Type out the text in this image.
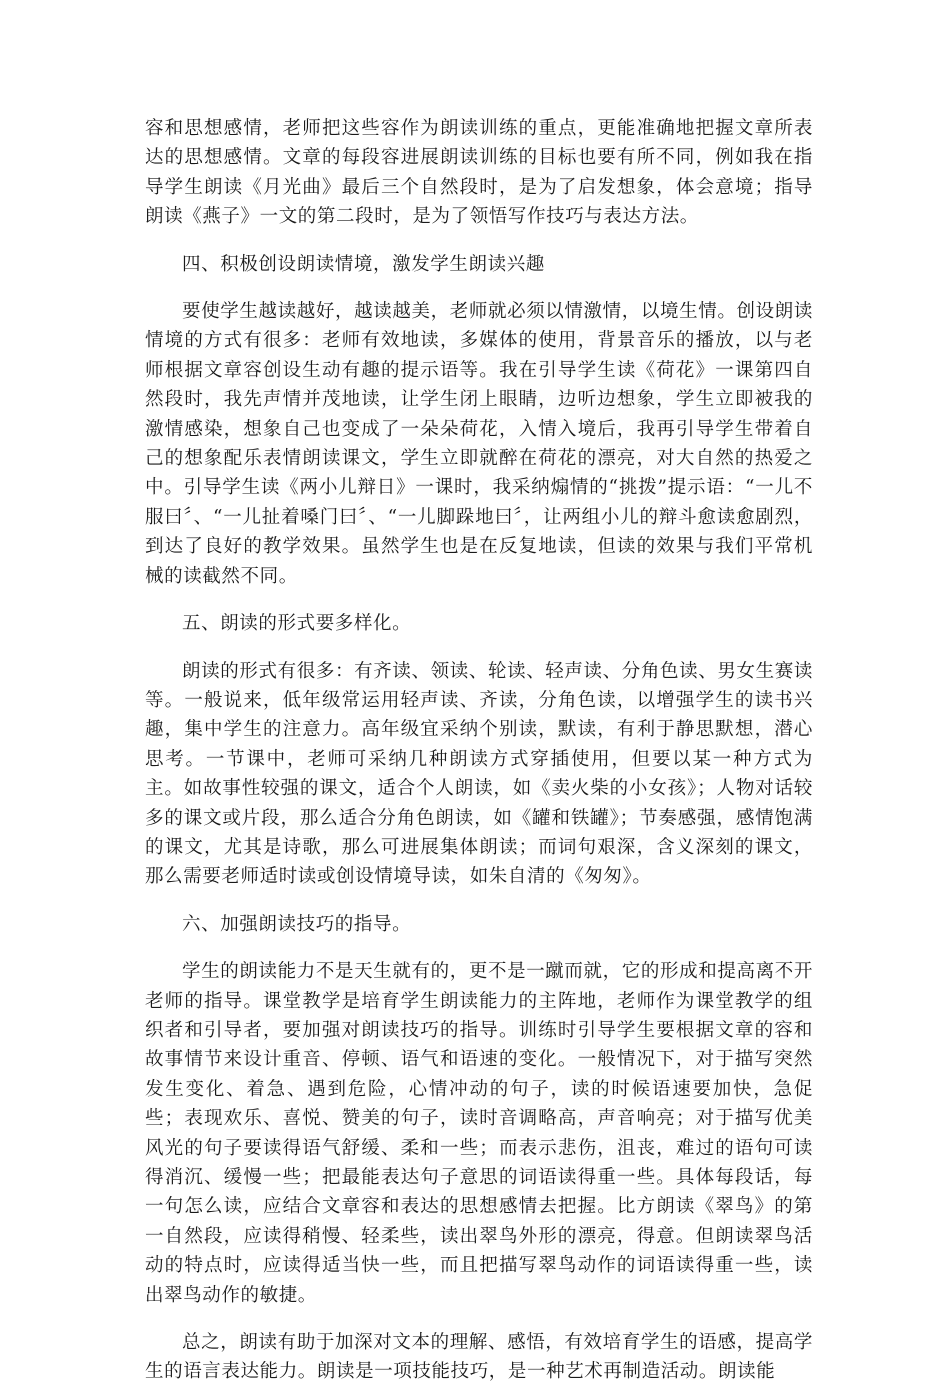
容和思想感情，老师把这些容作为朗读训练的重点，更能准确地把握文章所表达的思想感情。文章的每段容进展朗读训练的目标也要有所不同，例如我在指导学生朗读《月光曲》最后三个自然段时，是为了启发想象，体会意境；指导朗读《燕子》一文的第二段时，是为了领悟写作技巧与表达方法。

四、积极创设朗读情境，激发学生朗读兴趣

要使学生越读越好，越读越美，老师就必须以情激情，以境生情。创设朗读情境的方式有很多：老师有效地读，多媒体的使用，背景音乐的播放，以与老师根据文章容创设生动有趣的提示语等。我在引导学生读《荷花》一课第四自然段时，我先声情并茂地读，让学生闭上眼睛，边听边想象，学生立即被我的激情感染，想象自己也变成了一朵朵荷花，入情入境后，我再引导学生带着自己的想象配乐表情朗读课文，学生立即就醉在荷花的漂亮，对大自然的热爱之中。引导学生读《两小儿辩日》一课时，我采纳煽情的“挑拨”提示语：“一儿不服曰〞、“一儿扯着嗓门曰〞、“一儿脚跺地曰〞，让两组小儿的辩斗愈读愈剧烈，到达了良好的教学效果。虽然学生也是在反复地读，但读的效果与我们平常机械的读截然不同。

五、朗读的形式要多样化。

朗读的形式有很多：有齐读、领读、轮读、轻声读、分角色读、男女生赛读等。一般说来，低年级常运用轻声读、齐读，分角色读，以增强学生的读书兴趣，集中学生的注意力。高年级宜采纳个别读，默读，有利于静思默想，潜心思考。一节课中，老师可采纳几种朗读方式穿插使用，但要以某一种方式为主。如故事性较强的课文，适合个人朗读，如《卖火柴的小女孩》；人物对话较多的课文或片段，那么适合分角色朗读，如《罐和铁罐》；节奏感强，感情饱满的课文，尤其是诗歌，那么可进展集体朗读；而词句艰深，含义深刻的课文，那么需要老师适时读或创设情境导读，如朱自清的《匆匆》。

六、加强朗读技巧的指导。

学生的朗读能力不是天生就有的，更不是一蹴而就，它的形成和提高离不开老师的指导。课堂教学是培育学生朗读能力的主阵地，老师作为课堂教学的组织者和引导者，要加强对朗读技巧的指导。训练时引导学生要根据文章的容和故事情节来设计重音、停顿、语气和语速的变化。一般情况下，对于描写突然发生变化、着急、遇到危险，心情冲动的句子，读的时候语速要加快，急促些；表现欢乐、喜悦、赞美的句子，读时音调略高，声音响亮；对于描写优美风光的句子要读得语气舒缓、柔和一些；而表示悲伤，沮丧，难过的语句可读得消沉、缓慢一些；把最能表达句子意思的词语读得重一些。具体每段话，每一句怎么读，应结合文章容和表达的思想感情去把握。比方朗读《翠鸟》的第一自然段，应读得稍慢、轻柔些，读出翠鸟外形的漂亮，得意。但朗读翠鸟活动的特点时，应读得适当快一些，而且把描写翠鸟动作的词语读得重一些，读出翠鸟动作的敏捷。

总之，朗读有助于加深对文本的理解、感悟，有效培育学生的语感，提高学生的语言表达能力。朗读是一项技能技巧，是一种艺术再制造活动。朗读能
